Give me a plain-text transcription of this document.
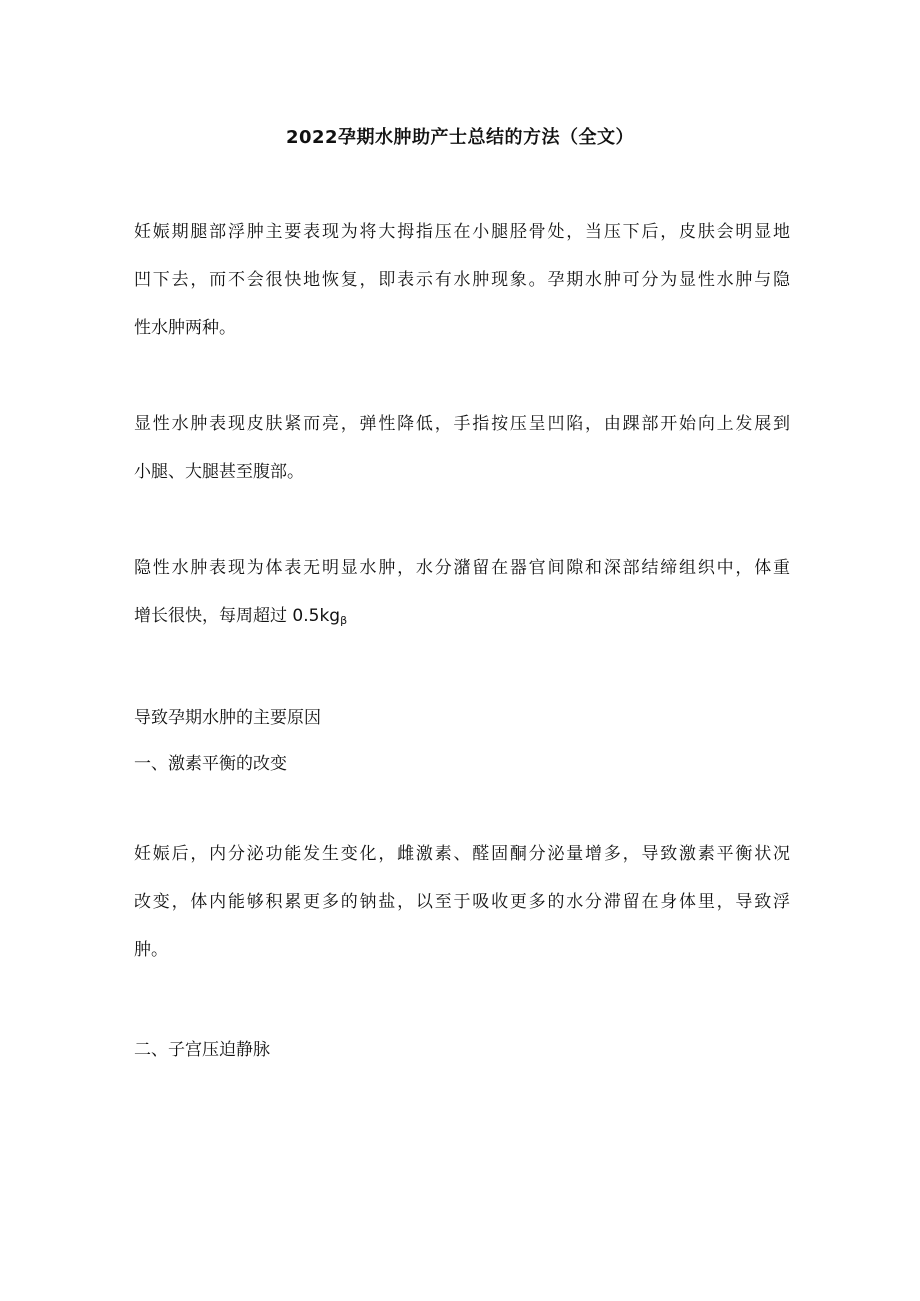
2022孕期水肿助产士总结的方法（全文）
妊娠期腿部浮肿主要表现为将大拇指压在小腿胫骨处，当压下后，皮肤会明显地
凹下去，而不会很快地恢复，即表示有水肿现象。孕期水肿可分为显性水肿与隐
性水肿两种。
显性水肿表现皮肤紧而亮，弹性降低，手指按压呈凹陷，由踝部开始向上发展到
小腿、大腿甚至腹部。
隐性水肿表现为体表无明显水肿，水分潴留在器官间隙和深部结缔组织中，体重
增长很快，每周超过 $0.5kg_\beta$

导致孕期水肿的主要原因

一、激素平衡的改变

妊娠后，内分泌功能发生变化，雌激素、醛固酮分泌量增多，导致激素平衡状况
改变，体内能够积累更多的钠盐，以至于吸收更多的水分滞留在身体里，导致浮
肿。

二、子宫压迫静脉
